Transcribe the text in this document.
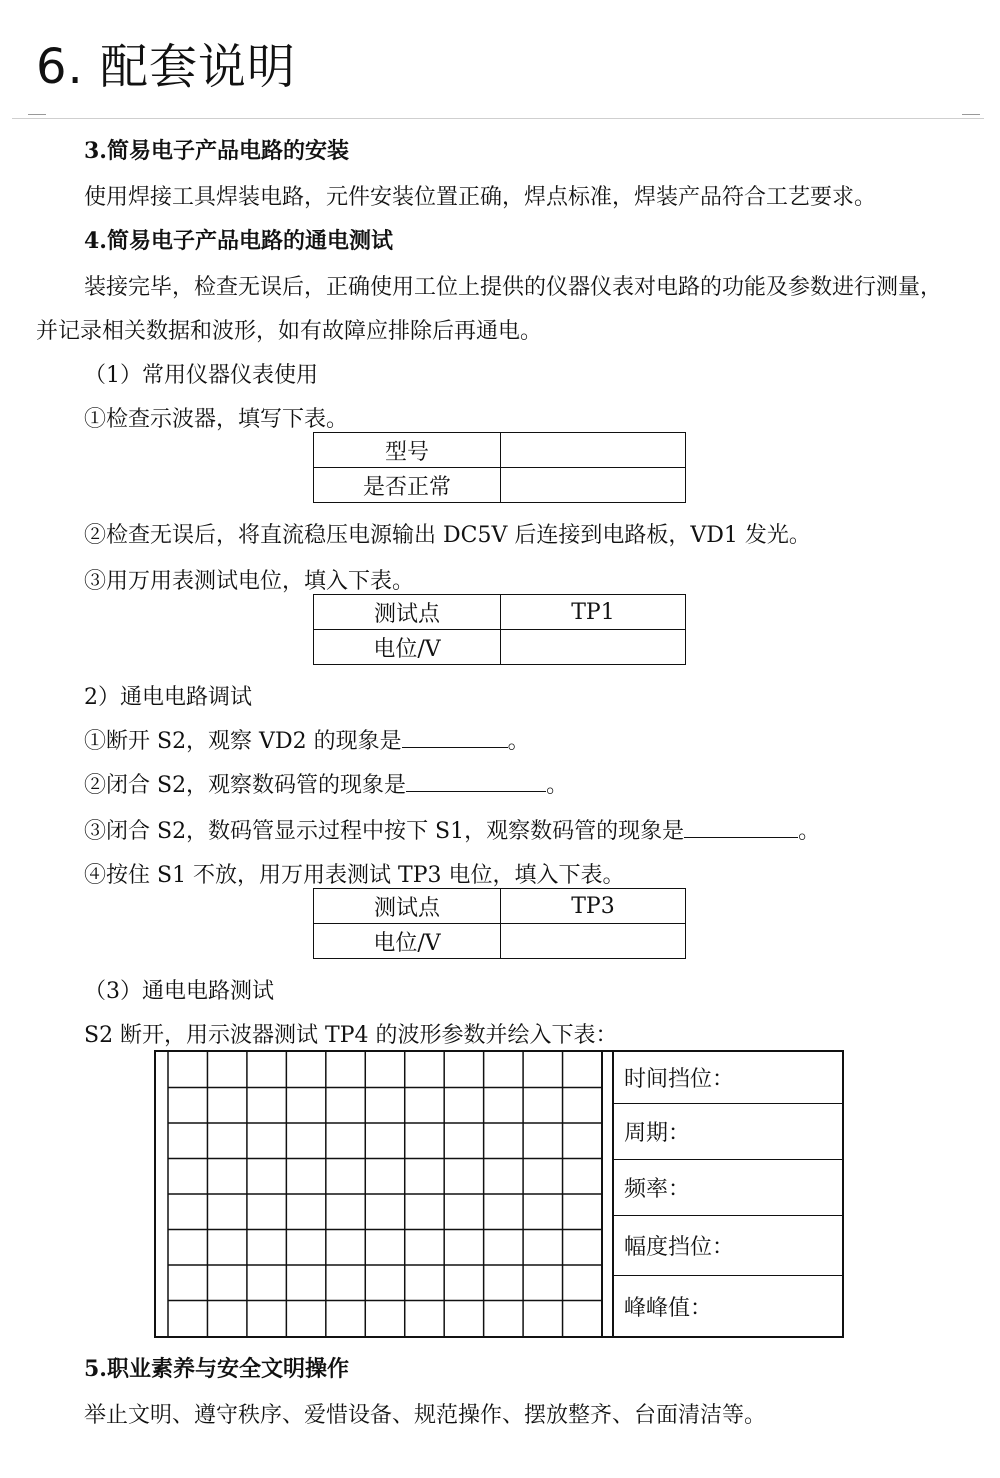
6. 配套说明
3.简易电子产品电路的安装
使用焊接工具焊装电路，元件安装位置正确，焊点标准，焊装产品符合工艺要求。
4.简易电子产品电路的通电测试
装接完毕，检查无误后，正确使用工位上提供的仪器仪表对电路的功能及参数进行测量，
并记录相关数据和波形，如有故障应排除后再通电。
（1）常用仪器仪表使用
①检查示波器，填写下表。
型号	
是否正常	
②检查无误后，将直流稳压电源输出 DC5V 后连接到电路板，VD1 发光。
③用万用表测试电位，填入下表。
测试点	TP1
电位/V	
2）通电电路调试
①断开 S2，观察 VD2 的现象是	。
②闭合 S2，观察数码管的现象是	。
③闭合 S2，数码管显示过程中按下 S1，观察数码管的现象是	。
④按住 S1 不放，用万用表测试 TP3 电位，填入下表。
测试点	TP3
电位/V	
（3）通电电路测试
S2 断开，用示波器测试 TP4 的波形参数并绘入下表：
时间挡位：
周期：
频率：
幅度挡位：
峰峰值：
5.职业素养与安全文明操作
举止文明、遵守秩序、爱惜设备、规范操作、摆放整齐、台面清洁等。
